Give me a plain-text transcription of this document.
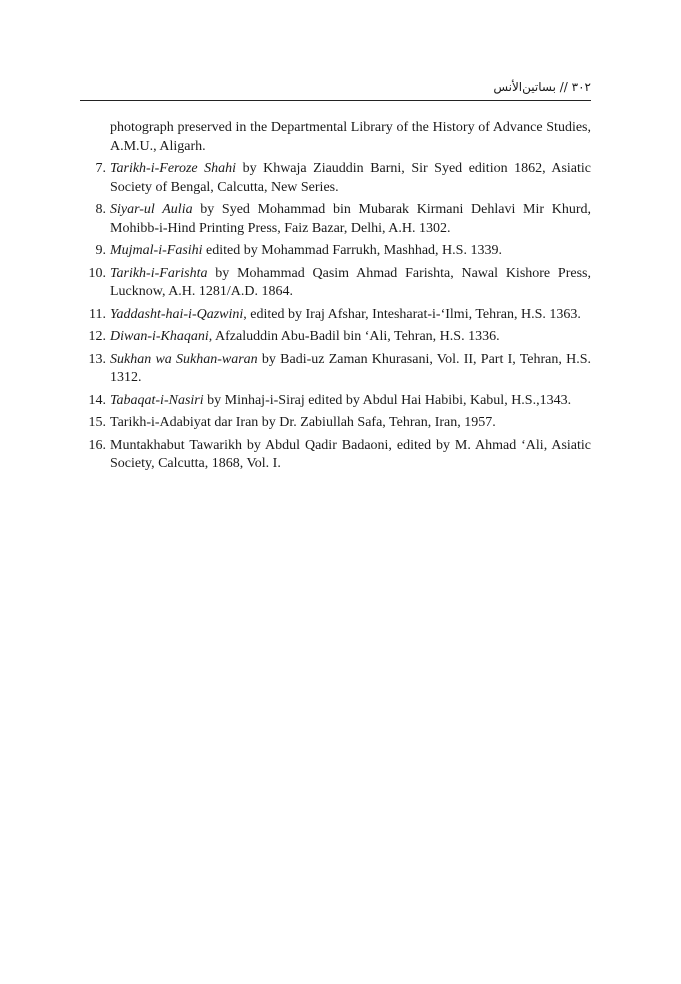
۳۰۲ // بساتین‌الأنس
photograph preserved in the Departmental Library of the History of Advance Studies, A.M.U., Aligarh.
7. Tarikh-i-Feroze Shahi by Khwaja Ziauddin Barni, Sir Syed edition 1862, Asiatic Society of Bengal, Calcutta, New Series.
8. Siyar-ul Aulia by Syed Mohammad bin Mubarak Kirmani Dehlavi Mir Khurd, Mohibb-i-Hind Printing Press, Faiz Bazar, Delhi, A.H. 1302.
9. Mujmal-i-Fasihi edited by Mohammad Farrukh, Mashhad, H.S. 1339.
10. Tarikh-i-Farishta by Mohammad Qasim Ahmad Farishta, Nawal Kishore Press, Lucknow, A.H. 1281/A.D. 1864.
11. Yaddasht-hai-i-Qazwini, edited by Iraj Afshar, Intesharat-i-‘Ilmi, Tehran, H.S. 1363.
12. Diwan-i-Khaqani, Afzaluddin Abu-Badil bin ‘Ali, Tehran, H.S. 1336.
13. Sukhan wa Sukhan-waran by Badi-uz Zaman Khurasani, Vol. II, Part I, Tehran, H.S. 1312.
14. Tabaqat-i-Nasiri by Minhaj-i-Siraj edited by Abdul Hai Habibi, Kabul, H.S.,1343.
15. Tarikh-i-Adabiyat dar Iran by Dr. Zabiullah Safa, Tehran, Iran, 1957.
16. Muntakhabut Tawarikh by Abdul Qadir Badaoni, edited by M. Ahmad ‘Ali, Asiatic Society, Calcutta, 1868, Vol. I.
